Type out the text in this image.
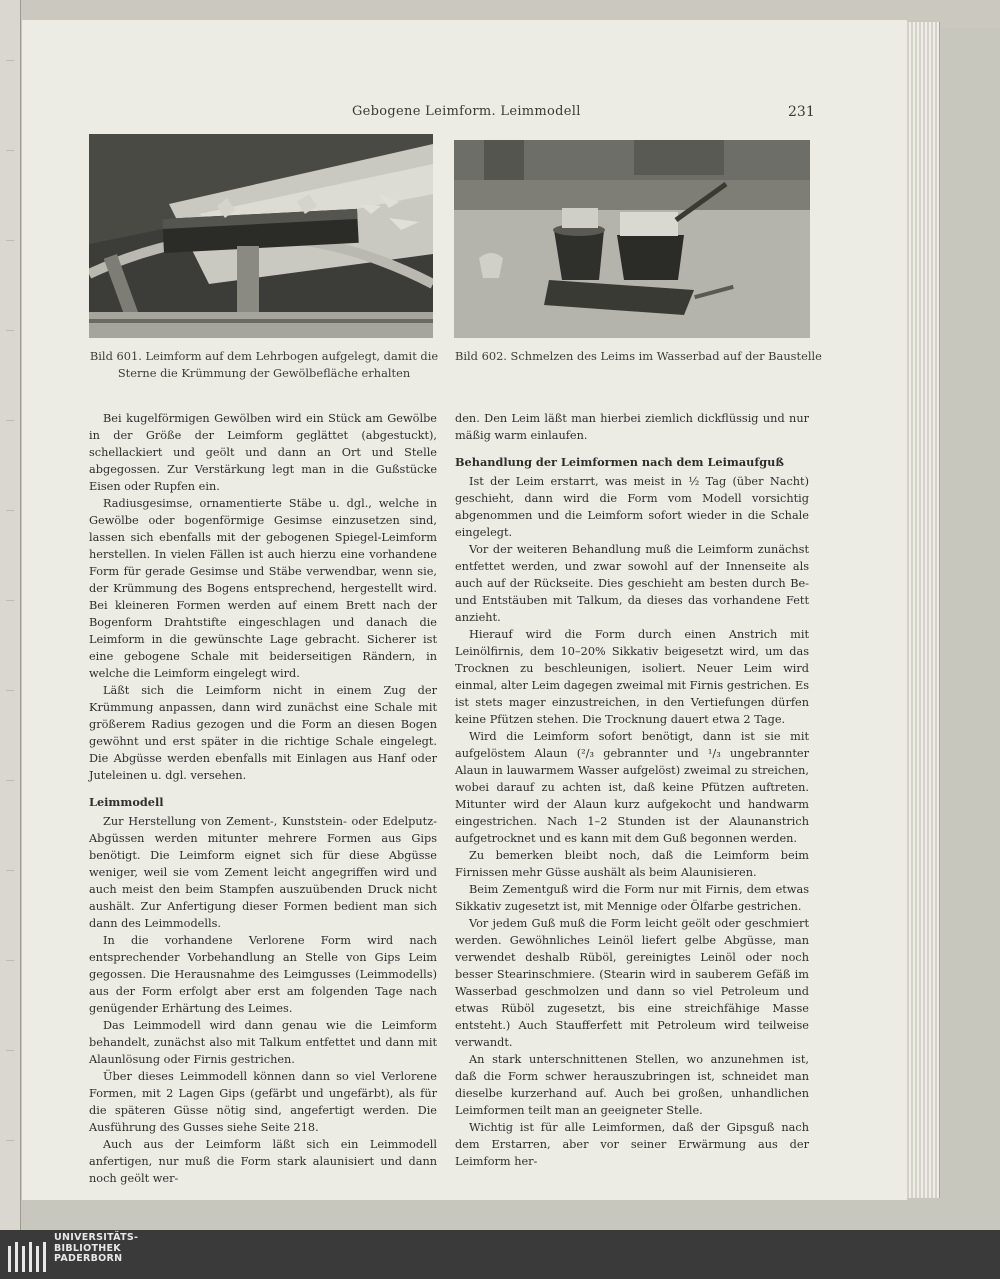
Gebogene Leimform. Leimmodell	231
Bild 601. Leimform auf dem Lehrbogen aufgelegt, damit die Sterne die Krümmung der Gewölbefläche erhalten
Bild 602. Schmelzen des Leims im Wasserbad auf der Baustelle

Bei kugelförmigen Gewölben wird ein Stück am Gewölbe in der Größe der Leimform geglättet (abgestuckt), schellackiert und geölt und dann an Ort und Stelle abgegossen. Zur Verstärkung legt man in die Gußstücke Eisen oder Rupfen ein.

Radiusgesimse, ornamentierte Stäbe u. dgl., welche in Gewölbe oder bogenförmige Gesimse einzusetzen sind, lassen sich ebenfalls mit der gebogenen Spiegel-Leimform herstellen. In vielen Fällen ist auch hierzu eine vorhandene Form für gerade Gesimse und Stäbe verwendbar, wenn sie, der Krümmung des Bogens entsprechend, hergestellt wird. Bei kleineren Formen werden auf einem Brett nach der Bogenform Drahtstifte eingeschlagen und danach die Leimform in die gewünschte Lage gebracht. Sicherer ist eine gebogene Schale mit beiderseitigen Rändern, in welche die Leimform eingelegt wird.

Läßt sich die Leimform nicht in einem Zug der Krümmung anpassen, dann wird zunächst eine Schale mit größerem Radius gezogen und die Form an diesen Bogen gewöhnt und erst später in die richtige Schale eingelegt. Die Abgüsse werden ebenfalls mit Einlagen aus Hanf oder Juteleinen u. dgl. versehen.

Leimmodell

Zur Herstellung von Zement-, Kunststein- oder Edelputz-Abgüssen werden mitunter mehrere Formen aus Gips benötigt. Die Leimform eignet sich für diese Abgüsse weniger, weil sie vom Zement leicht angegriffen wird und auch meist den beim Stampfen auszuübenden Druck nicht aushält. Zur Anfertigung dieser Formen bedient man sich dann des Leimmodells.

In die vorhandene Verlorene Form wird nach entsprechender Vorbehandlung an Stelle von Gips Leim gegossen. Die Herausnahme des Leimgusses (Leimmodells) aus der Form erfolgt aber erst am folgenden Tage nach genügender Erhärtung des Leimes.

Das Leimmodell wird dann genau wie die Leimform behandelt, zunächst also mit Talkum entfettet und dann mit Alaunlösung oder Firnis gestrichen.

Über dieses Leimmodell können dann so viel Verlorene Formen, mit 2 Lagen Gips (gefärbt und ungefärbt), als für die späteren Güsse nötig sind, angefertigt werden. Die Ausführung des Gusses siehe Seite 218.

Auch aus der Leimform läßt sich ein Leimmodell anfertigen, nur muß die Form stark alaunisiert und dann noch geölt wer-

den. Den Leim läßt man hierbei ziemlich dickflüssig und nur mäßig warm einlaufen.

Behandlung der Leimformen nach dem Leimaufguß

Ist der Leim erstarrt, was meist in ½ Tag (über Nacht) geschieht, dann wird die Form vom Modell vorsichtig abgenommen und die Leimform sofort wieder in die Schale eingelegt.

Vor der weiteren Behandlung muß die Leimform zunächst entfettet werden, und zwar sowohl auf der Innenseite als auch auf der Rückseite. Dies geschieht am besten durch Be- und Entstäuben mit Talkum, da dieses das vorhandene Fett anzieht.

Hierauf wird die Form durch einen Anstrich mit Leinölfirnis, dem 10–20% Sikkativ beigesetzt wird, um das Trocknen zu beschleunigen, isoliert. Neuer Leim wird einmal, alter Leim dagegen zweimal mit Firnis gestrichen. Es ist stets mager einzustreichen, in den Vertiefungen dürfen keine Pfützen stehen. Die Trocknung dauert etwa 2 Tage.

Wird die Leimform sofort benötigt, dann ist sie mit aufgelöstem Alaun (²/₃ gebrannter und ¹/₃ ungebrannter Alaun in lauwarmem Wasser aufgelöst) zweimal zu streichen, wobei darauf zu achten ist, daß keine Pfützen auftreten. Mitunter wird der Alaun kurz aufgekocht und handwarm eingestrichen. Nach 1–2 Stunden ist der Alaunanstrich aufgetrocknet und es kann mit dem Guß begonnen werden.

Zu bemerken bleibt noch, daß die Leimform beim Firnissen mehr Güsse aushält als beim Alaunisieren.

Beim Zementguß wird die Form nur mit Firnis, dem etwas Sikkativ zugesetzt ist, mit Mennige oder Ölfarbe gestrichen.

Vor jedem Guß muß die Form leicht geölt oder geschmiert werden. Gewöhnliches Leinöl liefert gelbe Abgüsse, man verwendet deshalb Rüböl, gereinigtes Leinöl oder noch besser Stearinschmiere. (Stearin wird in sauberem Gefäß im Wasserbad geschmolzen und dann so viel Petroleum und etwas Rüböl zugesetzt, bis eine streichfähige Masse entsteht.) Auch Staufferfett mit Petroleum wird teilweise verwandt.

An stark unterschnittenen Stellen, wo anzunehmen ist, daß die Form schwer herauszubringen ist, schneidet man dieselbe kurzerhand auf. Auch bei großen, unhandlichen Leimformen teilt man an geeigneter Stelle.

Wichtig ist für alle Leimformen, daß der Gipsguß nach dem Erstarren, aber vor seiner Erwärmung aus der Leimform her-

UNIVERSITÄTS-
BIBLIOTHEK
PADERBORN
